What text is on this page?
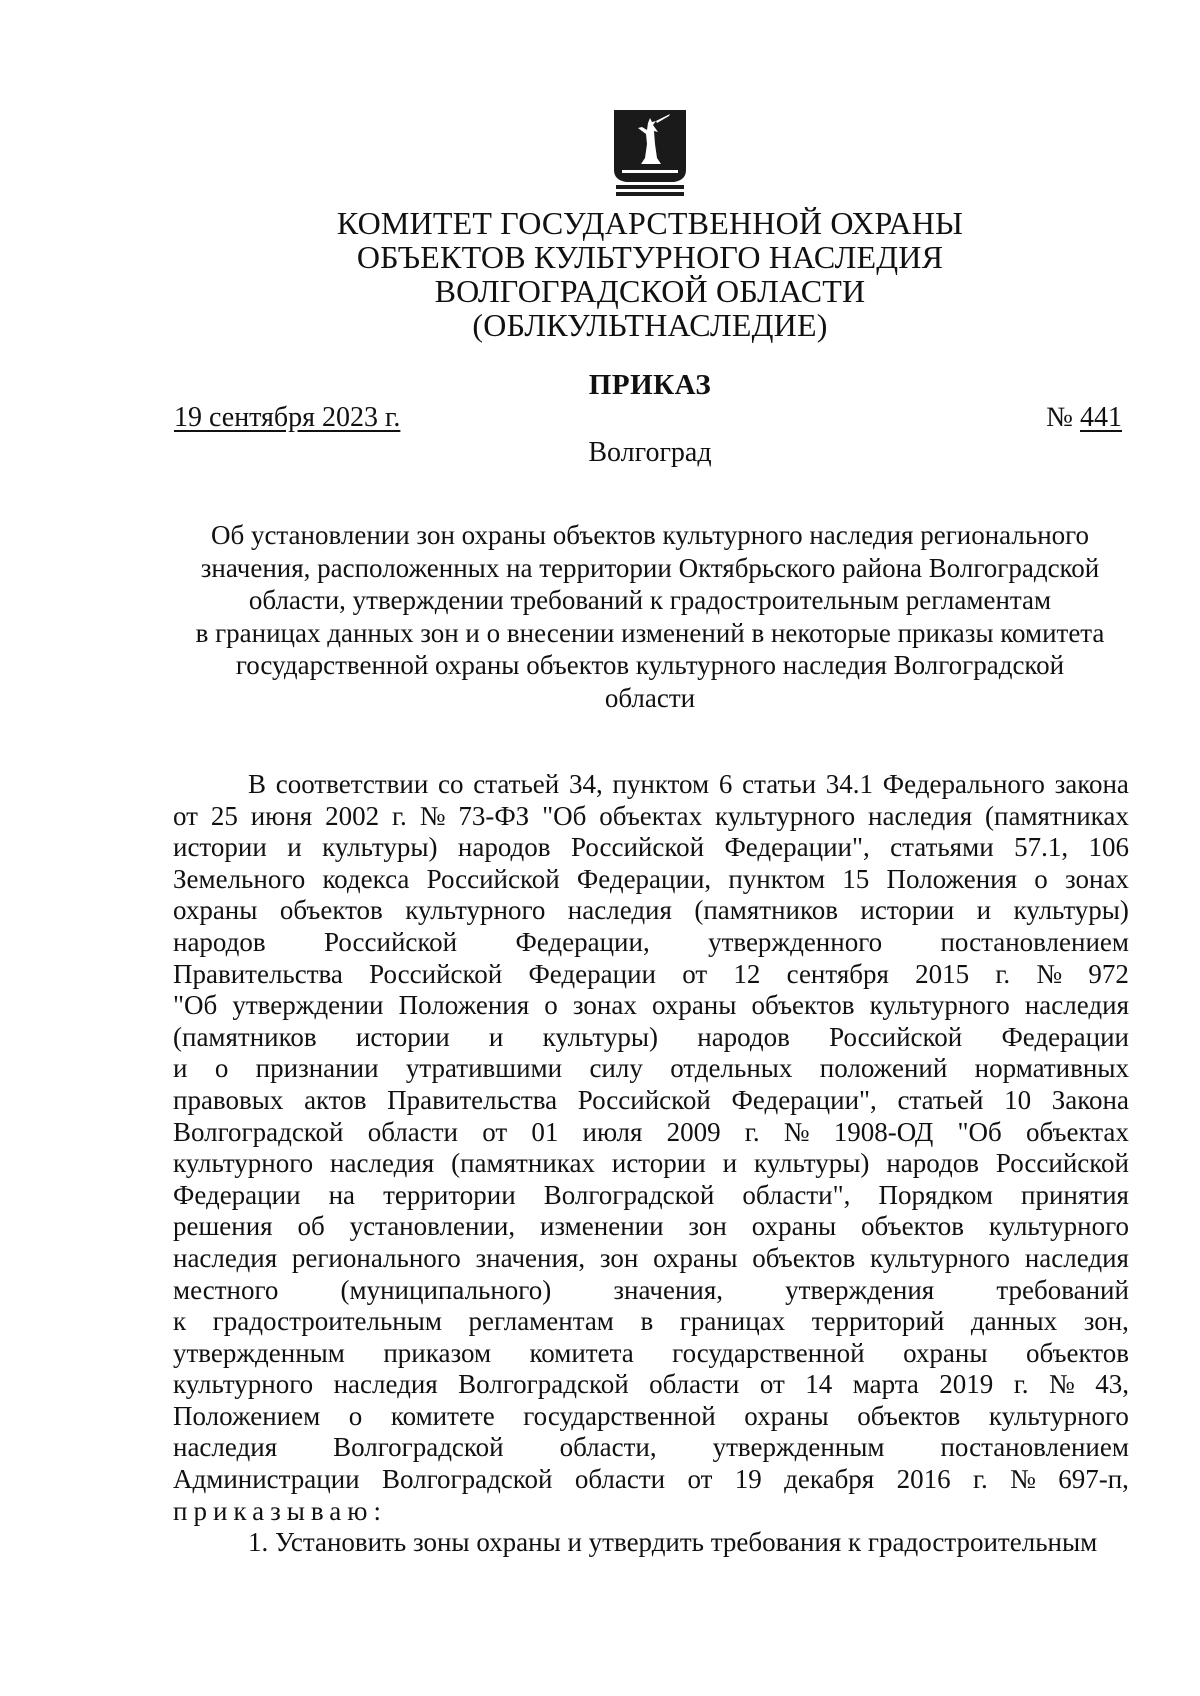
КОМИТЕТ ГОСУДАРСТВЕННОЙ ОХРАНЫ
ОБЪЕКТОВ КУЛЬТУРНОГО НАСЛЕДИЯ
ВОЛГОГРАДСКОЙ ОБЛАСТИ
(ОБЛКУЛЬТНАСЛЕДИЕ)
ПРИКАЗ
19 сентября 2023 г.	№ 441
Волгоград
Об установлении зон охраны объектов культурного наследия регионального
значения, расположенных на территории Октябрьского района Волгоградской
области, утверждении требований к градостроительным регламентам
в границах данных зон и о внесении изменений в некоторые приказы комитета
государственной охраны объектов культурного наследия Волгоградской
области
В соответствии со статьей 34, пунктом 6 статьи 34.1 Федерального закона
от 25 июня 2002 г. № 73-ФЗ "Об объектах культурного наследия (памятниках
истории и культуры) народов Российской Федерации", статьями 57.1, 106
Земельного кодекса Российской Федерации, пунктом 15 Положения о зонах
охраны объектов культурного наследия (памятников истории и культуры)
народов Российской Федерации, утвержденного постановлением
Правительства Российской Федерации от 12 сентября 2015 г. № 972
"Об утверждении Положения о зонах охраны объектов культурного наследия
(памятников истории и культуры) народов Российской Федерации
и о признании утратившими силу отдельных положений нормативных
правовых актов Правительства Российской Федерации", статьей 10 Закона
Волгоградской области от 01 июля 2009 г. № 1908-ОД "Об объектах
культурного наследия (памятниках истории и культуры) народов Российской
Федерации на территории Волгоградской области", Порядком принятия
решения об установлении, изменении зон охраны объектов культурного
наследия регионального значения, зон охраны объектов культурного наследия
местного (муниципального) значения, утверждения требований
к градостроительным регламентам в границах территорий данных зон,
утвержденным приказом комитета государственной охраны объектов
культурного наследия Волгоградской области от 14 марта 2019 г. № 43,
Положением о комитете государственной охраны объектов культурного
наследия Волгоградской области, утвержденным постановлением
Администрации Волгоградской области от 19 декабря 2016 г. № 697-п,
приказываю:
1. Установить зоны охраны и утвердить требования к градостроительным
